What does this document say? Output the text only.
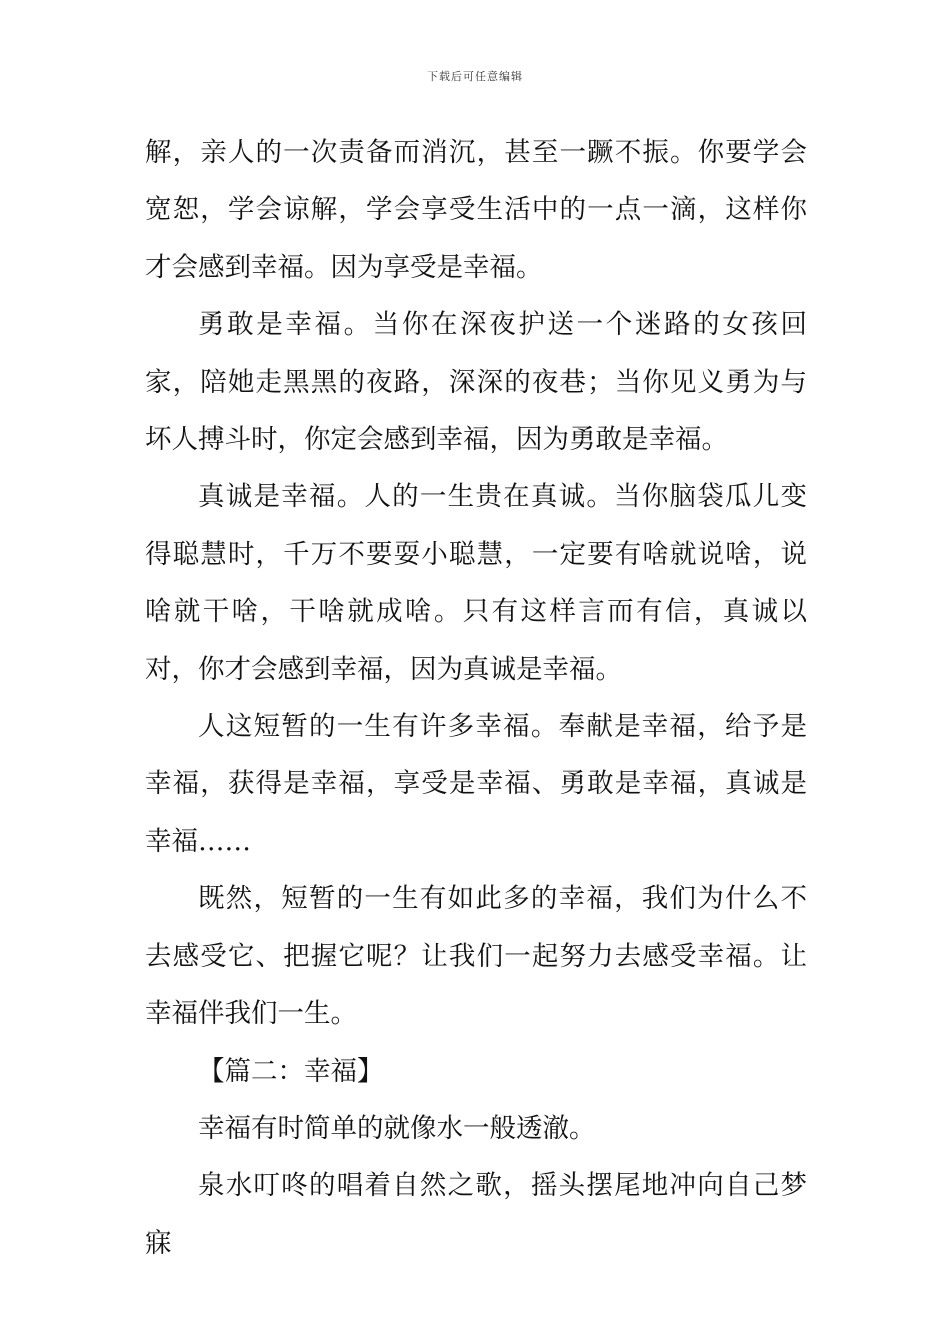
下载后可任意编辑

解，亲人的一次责备而消沉，甚至一蹶不振。你要学会宽恕，学会谅解，学会享受生活中的一点一滴，这样你才会感到幸福。因为享受是幸福。

勇敢是幸福。当你在深夜护送一个迷路的女孩回家，陪她走黑黑的夜路，深深的夜巷；当你见义勇为与坏人搏斗时，你定会感到幸福，因为勇敢是幸福。

真诚是幸福。人的一生贵在真诚。当你脑袋瓜儿变得聪慧时，千万不要耍小聪慧，一定要有啥就说啥，说啥就干啥，干啥就成啥。只有这样言而有信，真诚以对，你才会感到幸福，因为真诚是幸福。

人这短暂的一生有许多幸福。奉献是幸福，给予是幸福，获得是幸福，享受是幸福、勇敢是幸福，真诚是幸福……

既然，短暂的一生有如此多的幸福，我们为什么不去感受它、把握它呢？让我们一起努力去感受幸福。让幸福伴我们一生。

【篇二：幸福】

幸福有时简单的就像水一般透澈。

泉水叮咚的唱着自然之歌，摇头摆尾地冲向自己梦寐
